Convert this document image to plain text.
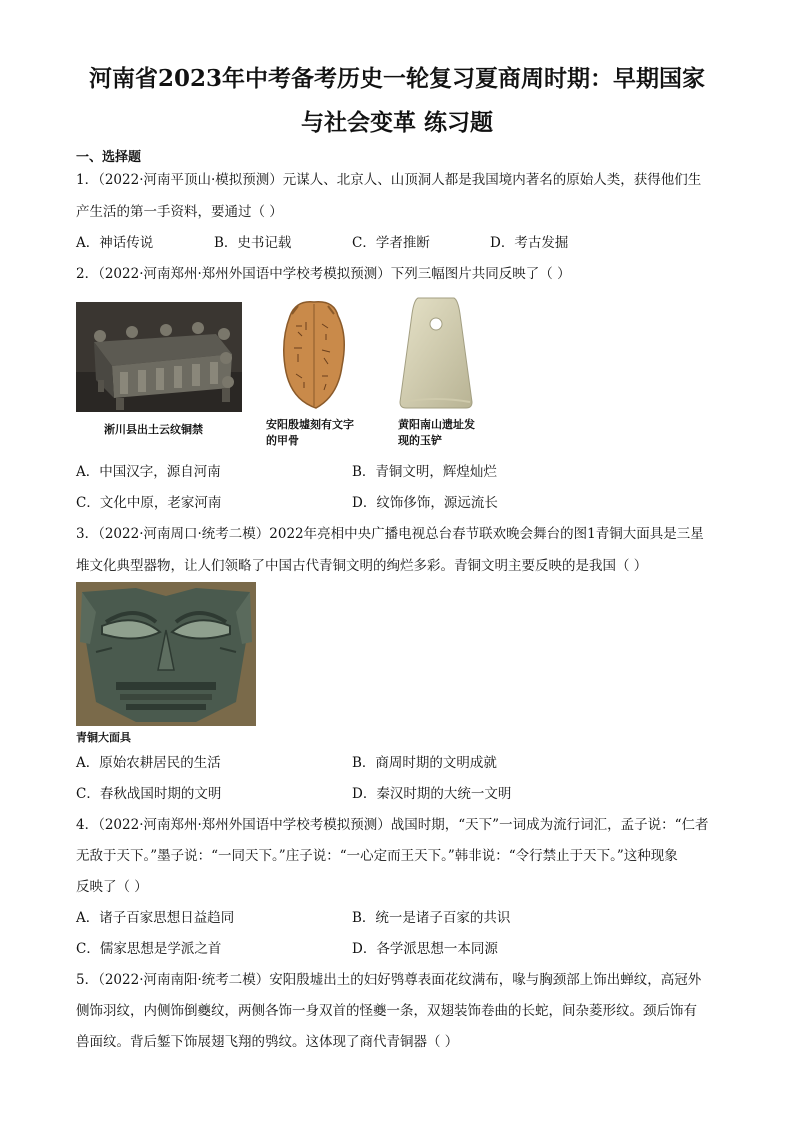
河南省2023年中考备考历史一轮复习夏商周时期：早期国家
与社会变革 练习题
一、选择题
1．（2022·河南平顶山·模拟预测）元谋人、北京人、山顶洞人都是我国境内著名的原始人类，获得他们生
产生活的第一手资料，要通过（ ）
A．神话传说	B．史书记载	C．学者推断	D．考古发掘
2．（2022·河南郑州·郑州外国语中学校考模拟预测）下列三幅图片共同反映了（ ）
淅川县出土云纹铜禁	安阳殷墟刻有文字
的甲骨
黄阳南山遗址发
现的玉铲
A．中国汉字，源自河南	B．青铜文明，辉煌灿烂
C．文化中原，老家河南	D．纹饰侈饰，源远流长
3．（2022·河南周口·统考二模）2022年亮相中央广播电视总台春节联欢晚会舞台的图1青铜大面具是三星
堆文化典型器物，让人们领略了中国古代青铜文明的绚烂多彩。青铜文明主要反映的是我国（ ）
青铜大面具
A．原始农耕居民的生活	B．商周时期的文明成就
C．春秋战国时期的文明	D．秦汉时期的大统一文明
4．（2022·河南郑州·郑州外国语中学校考模拟预测）战国时期，“天下”一词成为流行词汇，孟子说：“仁者
无敌于天下。”墨子说：“一同天下。”庄子说：“一心定而王天下。”韩非说：“令行禁止于天下。”这种现象
反映了（ ）
A．诸子百家思想日益趋同	B．统一是诸子百家的共识
C．儒家思想是学派之首	D．各学派思想一本同源
5．（2022·河南南阳·统考二模）安阳殷墟出土的妇好鸮尊表面花纹满布，喙与胸颈部上饰出蝉纹，高冠外
侧饰羽纹，内侧饰倒夔纹，两侧各饰一身双首的怪夔一条，双翅装饰卷曲的长蛇，间杂菱形纹。颈后饰有
兽面纹。背后錾下饰展翅飞翔的鸮纹。这体现了商代青铜器（ ）
